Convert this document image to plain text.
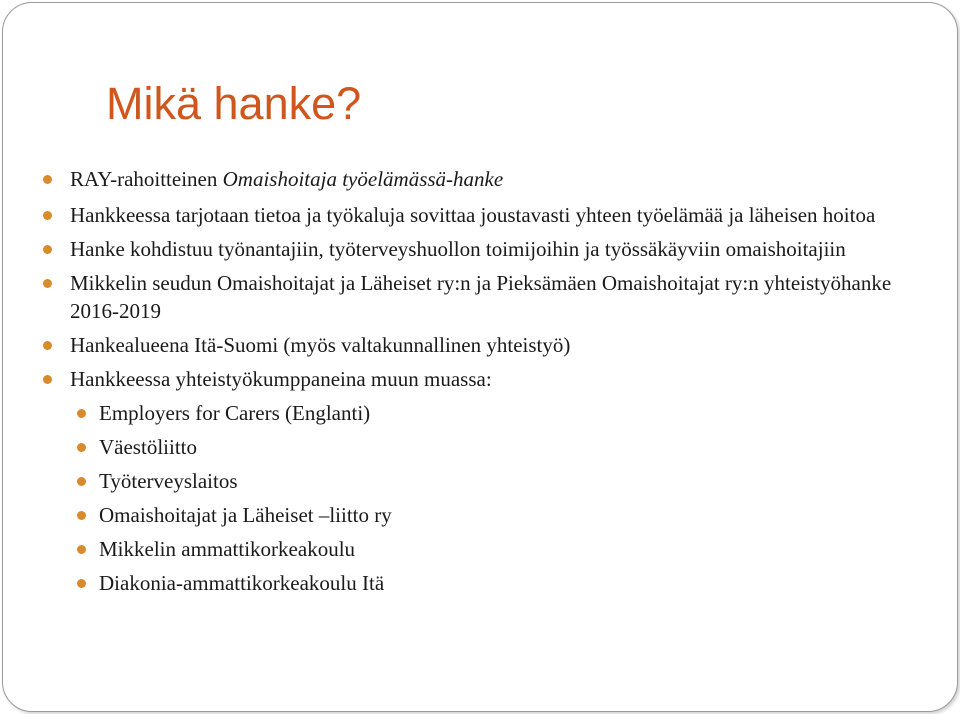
Mikä hanke?
RAY-rahoitteinen Omaishoitaja työelämässä-hanke
Hankkeessa tarjotaan tietoa ja työkaluja sovittaa joustavasti yhteen työelämää ja läheisen hoitoa
Hanke kohdistuu työnantajiin, työterveyshuollon toimijoihin ja työssäkäyviin omaishoitajiin
Mikkelin seudun Omaishoitajat ja Läheiset ry:n ja Pieksämäen Omaishoitajat ry:n yhteistyöhanke 2016-2019
Hankealueena Itä-Suomi (myös valtakunnallinen yhteistyö)
Hankkeessa yhteistyökumppaneina muun muassa:
Employers for Carers (Englanti)
Väestöliitto
Työterveyslaitos
Omaishoitajat ja Läheiset –liitto ry
Mikkelin ammattikorkeakoulu
Diakonia-ammattikorkeakoulu Itä
